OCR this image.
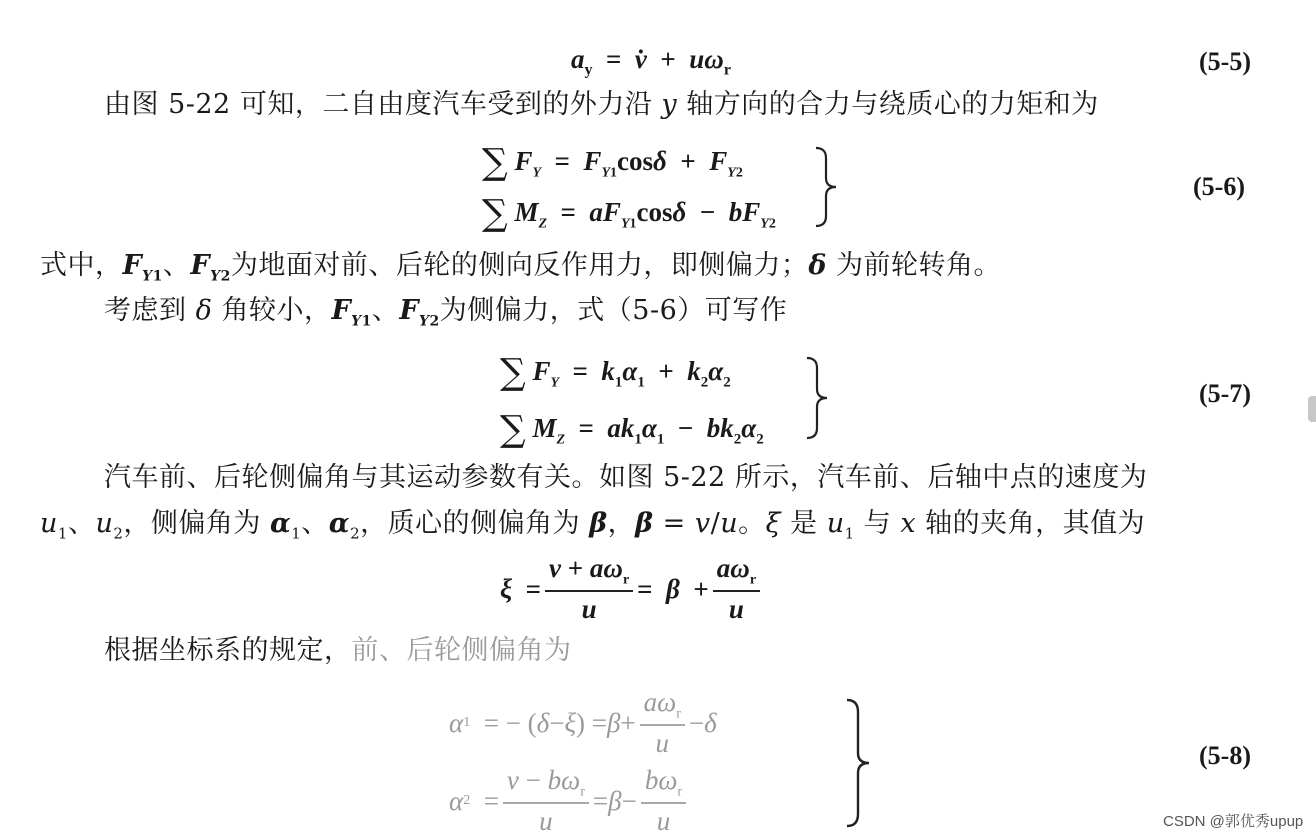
$a_y$  =  v̇  +  $u\omega_r$	(5-5)
由图 5-22 可知，二自由度汽车受到的外力沿 y 轴方向的合力与绕质心的力矩和为
∑ $F_Y = F_{Y1}\cos\delta + F_{Y2}$
∑ $M_Z = aF_{Y1}\cos\delta - bF_{Y2}$
(5-6)
式中，$F_{Y1}$、$F_{Y2}$为地面对前、后轮的侧向反作用力，即侧偏力；δ 为前轮转角。
考虑到 δ 角较小，$F_{Y1}$、$F_{Y2}$为侧偏力，式（5-6）可写作
∑ $F_Y = k_1\alpha_1 + k_2\alpha_2$
∑ $M_Z = ak_1\alpha_1 - bk_2\alpha_2$
(5-7)
汽车前、后轮侧偏角与其运动参数有关。如图 5-22 所示，汽车前、后轴中点的速度为
$u_1$、$u_2$，侧偏角为 $\alpha_1$、$\alpha_2$，质心的侧偏角为 β，β = v/u。ξ 是 $u_1$ 与 x 轴的夹角，其值为
$\xi = \frac{v + a\omega_r}{u} = \beta + \frac{a\omega_r}{u}$
根据坐标系的规定，前、后轮侧偏角为
α 1 = − ( δ − ξ ) = $\beta + \frac{a\omega_r}{u} - \delta$
α $2 = \frac{v - b\omega_r}{u} = \beta - \frac{b\omega_r}{u}$
(5-8)
CSDN @郭优秀upup
